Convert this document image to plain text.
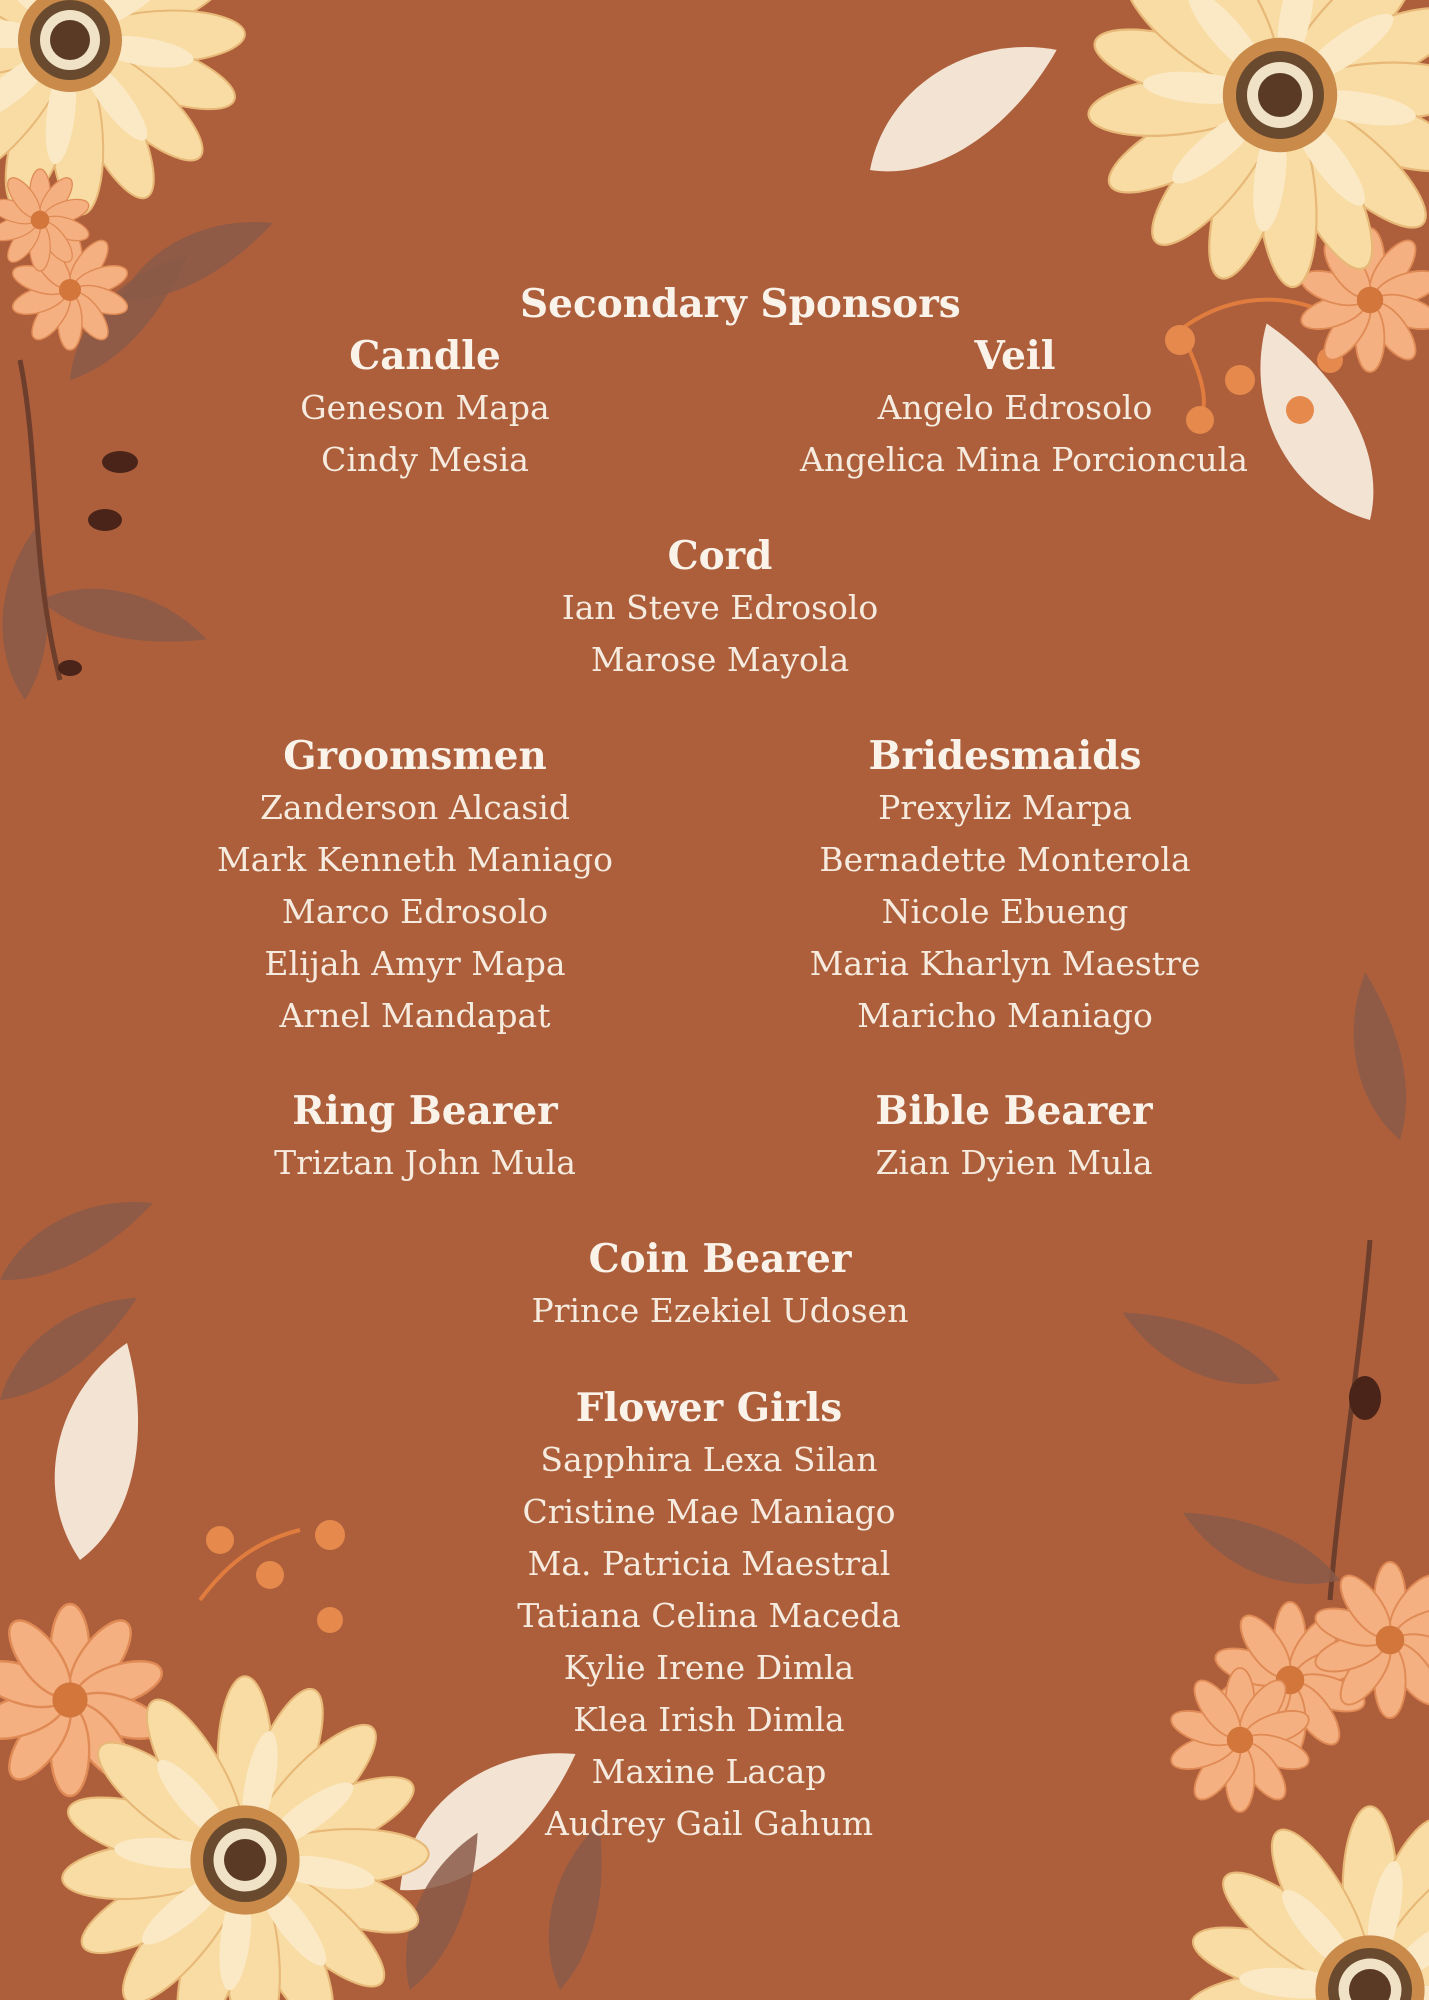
Secondary Sponsors
Candle
Geneson Mapa
Cindy Mesia
Veil
Angelo Edrosolo
Angelica Mina Porcioncula
Cord
Ian Steve Edrosolo
Marose Mayola
Groomsmen
Zanderson Alcasid
Mark Kenneth Maniago
Marco Edrosolo
Elijah Amyr Mapa
Arnel Mandapat
Bridesmaids
Prexyliz Marpa
Bernadette Monterola
Nicole Ebueng
Maria Kharlyn Maestre
Maricho Maniago
Ring Bearer
Triztan John Mula
Bible Bearer
Zian Dyien Mula
Coin Bearer
Prince Ezekiel Udosen
Flower Girls
Sapphira Lexa Silan
Cristine Mae Maniago
Ma. Patricia Maestral
Tatiana Celina Maceda
Kylie Irene Dimla
Klea Irish Dimla
Maxine Lacap
Audrey Gail Gahum
